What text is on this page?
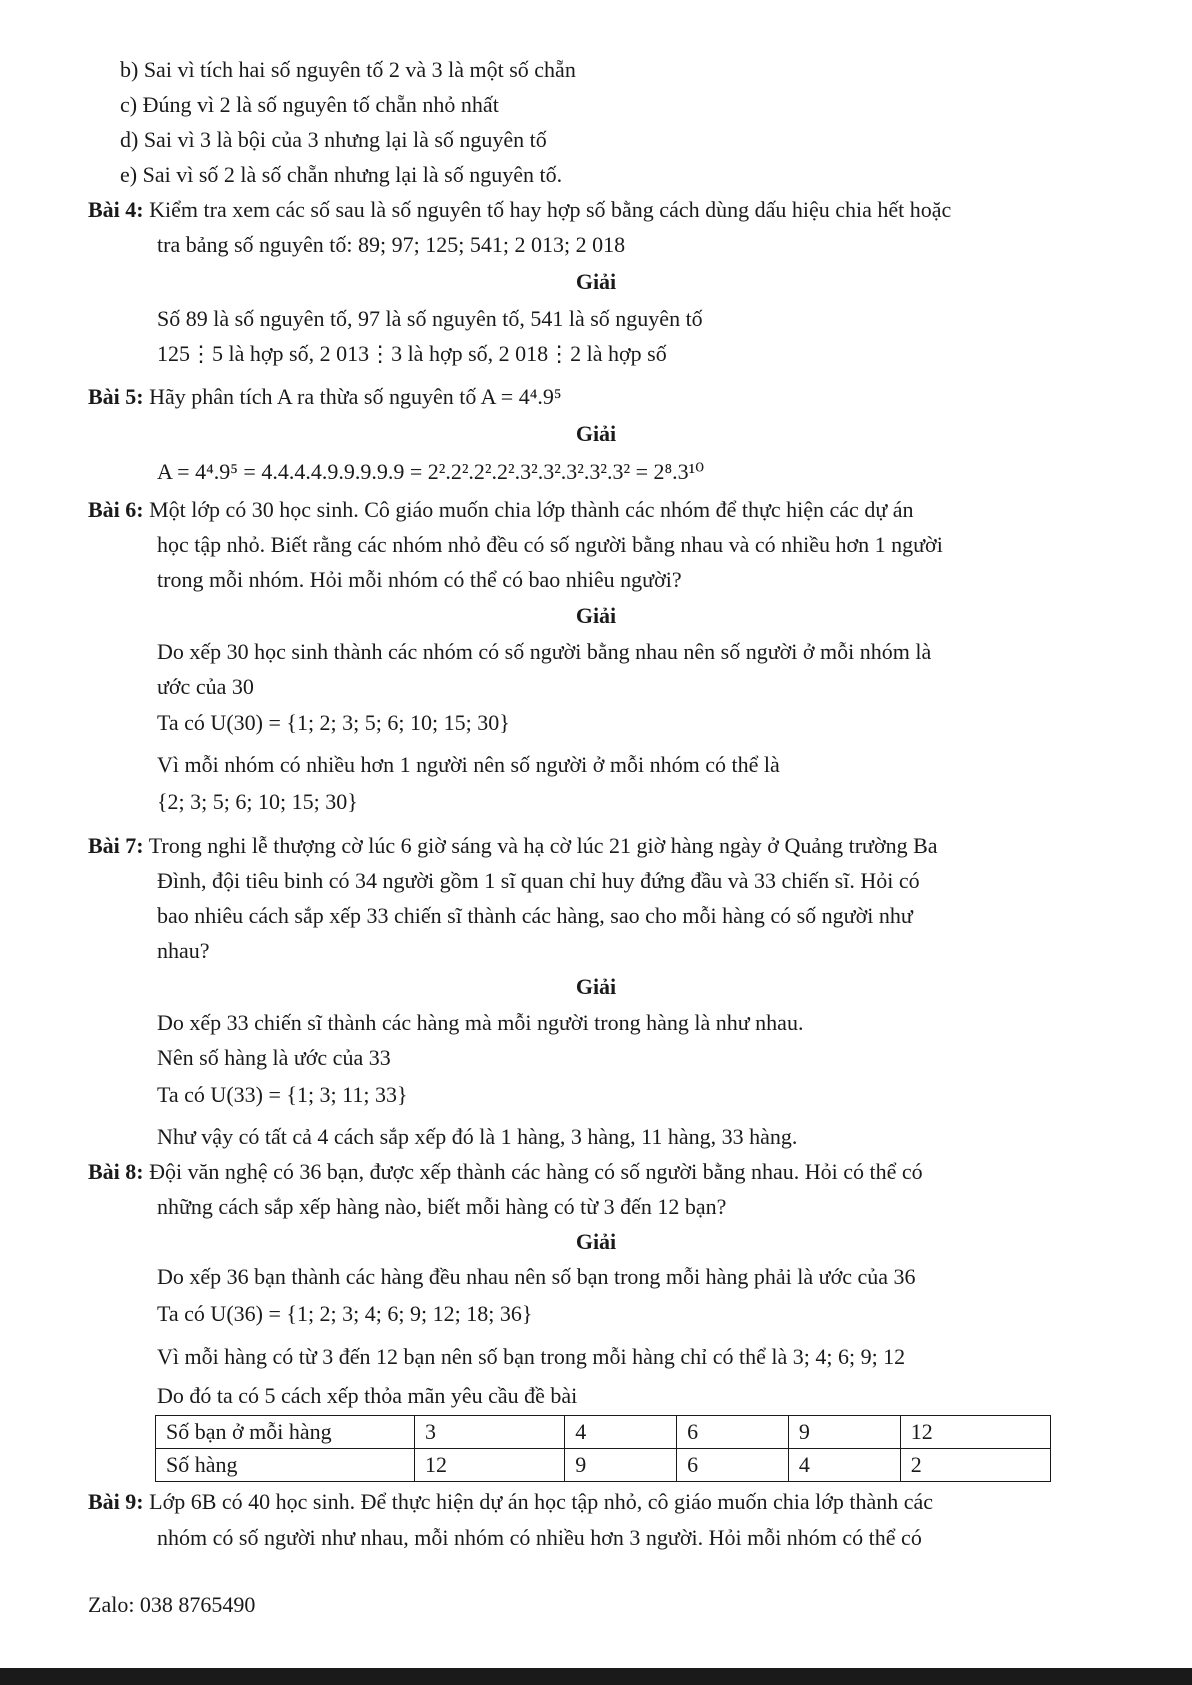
b) Sai vì tích hai số nguyên tố 2 và 3 là một số chẵn
c) Đúng vì 2 là số nguyên tố chẵn nhỏ nhất
d) Sai vì 3 là bội của 3 nhưng lại là số nguyên tố
e) Sai vì số 2 là số chẵn nhưng lại là số nguyên tố.
Bài 4: Kiểm tra xem các số sau là số nguyên tố hay hợp số bằng cách dùng dấu hiệu chia hết hoặc
tra bảng số nguyên tố: 89; 97; 125; 541; 2 013; 2 018
Giải
Số 89 là số nguyên tố, 97 là số nguyên tố, 541 là số nguyên tố
125⋮5 là hợp số, 2 013⋮3 là hợp số, 2 018⋮2 là hợp số
Bài 5: Hãy phân tích A ra thừa số nguyên tố A = 4⁴.9⁵
Giải
A = 4⁴.9⁵ = 4.4.4.4.9.9.9.9.9 = 2².2².2².2².3².3².3².3².3² = 2⁸.3¹⁰
Bài 6: Một lớp có 30 học sinh. Cô giáo muốn chia lớp thành các nhóm để thực hiện các dự án
học tập nhỏ. Biết rằng các nhóm nhỏ đều có số người bằng nhau và có nhiều hơn 1 người
trong mỗi nhóm. Hỏi mỗi nhóm có thể có bao nhiêu người?
Giải
Do xếp 30 học sinh thành các nhóm có số người bằng nhau nên số người ở mỗi nhóm là
ước của 30
Ta có U(30) = {1; 2; 3; 5; 6; 10; 15; 30}
Vì mỗi nhóm có nhiều hơn 1 người nên số người ở mỗi nhóm có thể là
{2; 3; 5; 6; 10; 15; 30}
Bài 7: Trong nghi lễ thượng cờ lúc 6 giờ sáng và hạ cờ lúc 21 giờ hàng ngày ở Quảng trường Ba
Đình, đội tiêu binh có 34 người gồm 1 sĩ quan chỉ huy đứng đầu và 33 chiến sĩ. Hỏi có
bao nhiêu cách sắp xếp 33 chiến sĩ thành các hàng, sao cho mỗi hàng có số người như
nhau?
Giải
Do xếp 33 chiến sĩ thành các hàng mà mỗi người trong hàng là như nhau.
Nên số hàng là ước của 33
Ta có U(33) = {1; 3; 11; 33}
Như vậy có tất cả 4 cách sắp xếp đó là 1 hàng, 3 hàng, 11 hàng, 33 hàng.
Bài 8: Đội văn nghệ có 36 bạn, được xếp thành các hàng có số người bằng nhau. Hỏi có thể có
những cách sắp xếp hàng nào, biết mỗi hàng có từ 3 đến 12 bạn?
Giải
Do xếp 36 bạn thành các hàng đều nhau nên số bạn trong mỗi hàng phải là ước của 36
Ta có U(36) = {1; 2; 3; 4; 6; 9; 12; 18; 36}
Vì mỗi hàng có từ 3 đến 12 bạn nên số bạn trong mỗi hàng chỉ có thể là 3; 4; 6; 9; 12
Do đó ta có 5 cách xếp thỏa mãn yêu cầu đề bài
Số bạn ở mỗi hàng	3	4	6	9	12
Số hàng	12	9	6	4	2
Bài 9: Lớp 6B có 40 học sinh. Để thực hiện dự án học tập nhỏ, cô giáo muốn chia lớp thành các
nhóm có số người như nhau, mỗi nhóm có nhiều hơn 3 người. Hỏi mỗi nhóm có thể có
Zalo: 038 8765490
